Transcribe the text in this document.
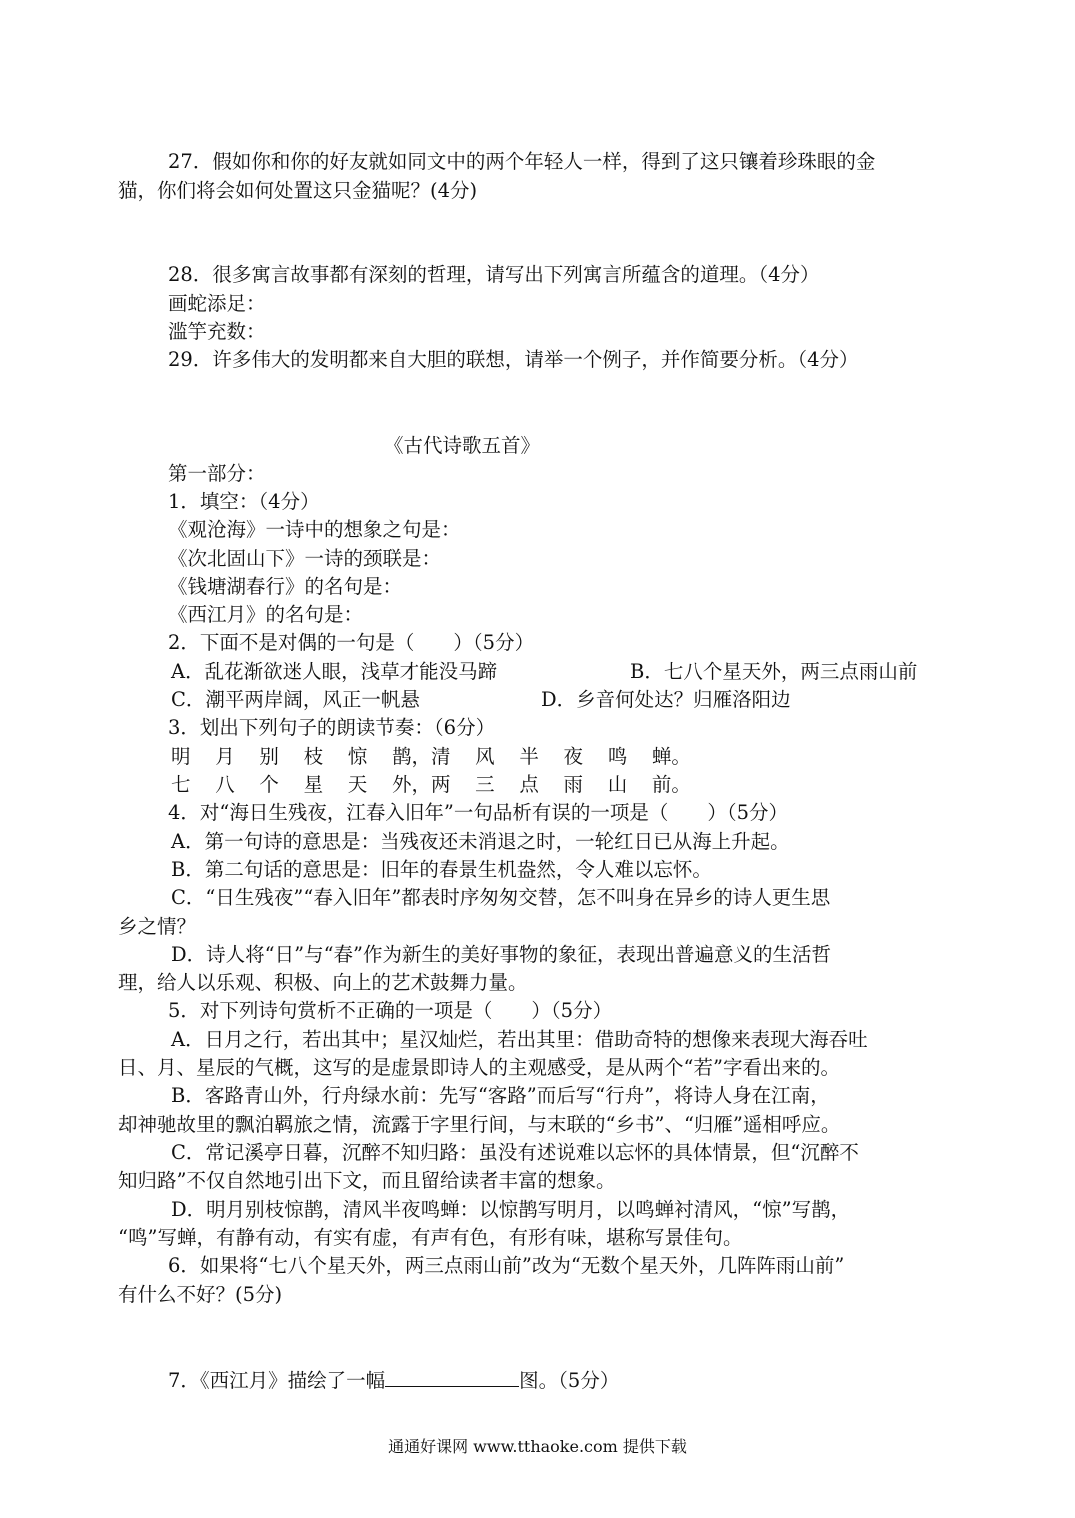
27．假如你和你的好友就如同文中的两个年轻人一样，得到了这只镶着珍珠眼的金
猫，你们将会如何处置这只金猫呢？(4分)
28．很多寓言故事都有深刻的哲理，请写出下列寓言所蕴含的道理。（4分）
画蛇添足：
滥竽充数：
29．许多伟大的发明都来自大胆的联想，请举一个例子，并作简要分析。（4分）
《古代诗歌五首》
第一部分：
1．填空：（4分）
《观沧海》一诗中的想象之句是：
《次北固山下》一诗的颈联是：
《钱塘湖春行》的名句是：
《西江月》的名句是：
2．下面不是对偶的一句是（　　）（5分）
A．乱花渐欲迷人眼，浅草才能没马蹄	B．七八个星天外，两三点雨山前
C．潮平两岸阔，风正一帆悬	D．乡音何处达？归雁洛阳边
3．划出下列句子的朗读节奏：（6分）
明 月 别 枝 惊 鹊，清 风 半 夜 鸣 蝉。
七 八 个 星 天 外，两 三 点 雨 山 前。
4．对“海日生残夜，江春入旧年”一句品析有误的一项是（　　）（5分）
A．第一句诗的意思是：当残夜还未消退之时，一轮红日已从海上升起。
B．第二句话的意思是：旧年的春景生机盎然，令人难以忘怀。
C．“日生残夜”“春入旧年”都表时序匆匆交替，怎不叫身在异乡的诗人更生思
乡之情？
D．诗人将“日”与“春”作为新生的美好事物的象征，表现出普遍意义的生活哲
理，给人以乐观、积极、向上的艺术鼓舞力量。
5．对下列诗句赏析不正确的一项是（　　）（5分）
A．日月之行，若出其中；星汉灿烂，若出其里：借助奇特的想像来表现大海吞吐
日、月、星辰的气概，这写的是虚景即诗人的主观感受，是从两个“若”字看出来的。
B．客路青山外，行舟绿水前：先写“客路”而后写“行舟”，将诗人身在江南，
却神驰故里的飘泊羁旅之情，流露于字里行间，与末联的“乡书”、“归雁”遥相呼应。
C．常记溪亭日暮，沉醉不知归路：虽没有述说难以忘怀的具体情景，但“沉醉不
知归路”不仅自然地引出下文，而且留给读者丰富的想象。
D．明月别枝惊鹊，清风半夜鸣蝉：以惊鹊写明月，以鸣蝉衬清风，“惊”写鹊，
“鸣”写蝉，有静有动，有实有虚，有声有色，有形有味，堪称写景佳句。
6．如果将“七八个星天外，两三点雨山前”改为“无数个星天外，几阵阵雨山前”
有什么不好？(5分)
7．《西江月》描绘了一幅	图。（5分）
通通好课网 www.tthaoke.com 提供下载
